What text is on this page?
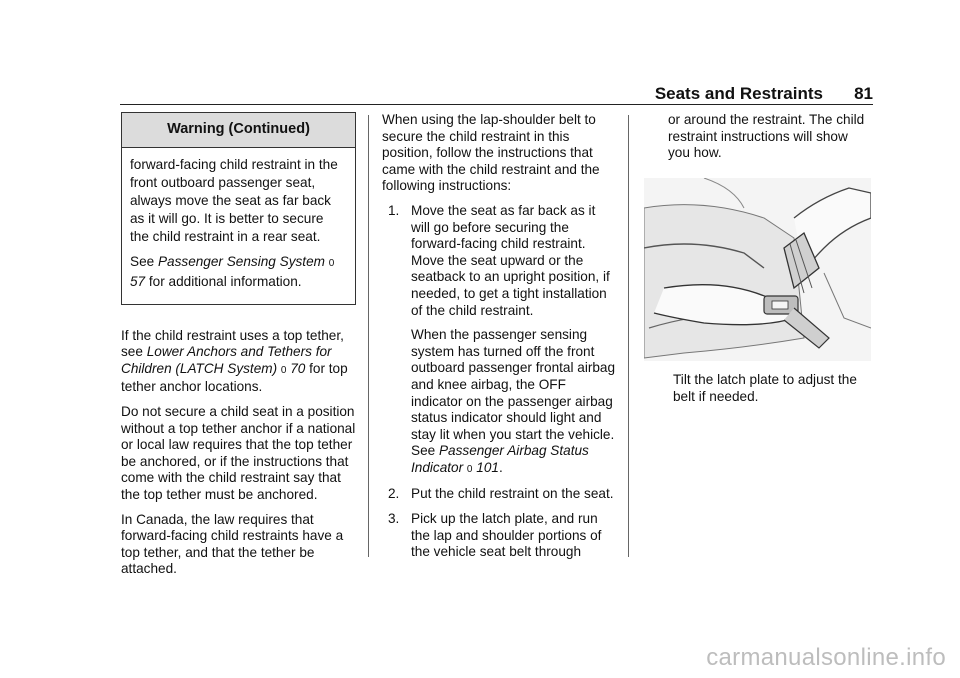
Seats and Restraints 81
Warning (Continued)

forward-facing child restraint in the front outboard passenger seat, always move the seat as far back as it will go. It is better to secure the child restraint in a rear seat.

See Passenger Sensing System 0 57 for additional information.

If the child restraint uses a top tether, see Lower Anchors and Tethers for Children (LATCH System) 0 70 for top tether anchor locations.

Do not secure a child seat in a position without a top tether anchor if a national or local law requires that the top tether be anchored, or if the instructions that come with the child restraint say that the top tether must be anchored.

In Canada, the law requires that forward-facing child restraints have a top tether, and that the tether be attached.

When using the lap-shoulder belt to secure the child restraint in this position, follow the instructions that came with the child restraint and the following instructions:

1. Move the seat as far back as it will go before securing the forward-facing child restraint. Move the seat upward or the seatback to an upright position, if needed, to get a tight installation of the child restraint.

When the passenger sensing system has turned off the front outboard passenger frontal airbag and knee airbag, the OFF indicator on the passenger airbag status indicator should light and stay lit when you start the vehicle. See Passenger Airbag Status Indicator 0 101.

2. Put the child restraint on the seat.

3. Pick up the latch plate, and run the lap and shoulder portions of the vehicle seat belt through

or around the restraint. The child restraint instructions will show you how.

Tilt the latch plate to adjust the belt if needed.
carmanualsonline.info
